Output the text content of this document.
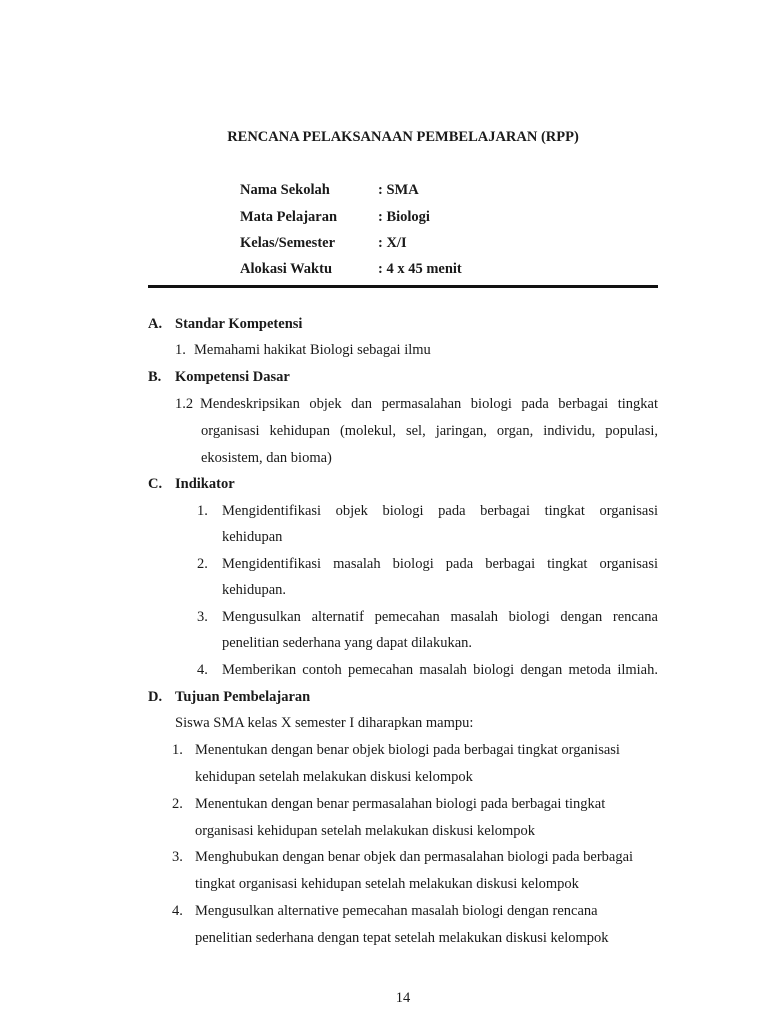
RENCANA PELAKSANAAN PEMBELAJARAN (RPP)
Nama Sekolah	: SMA
Mata Pelajaran	: Biologi
Kelas/Semester	: X/I
Alokasi Waktu	: 4 x 45 menit
A. Standar Kompetensi
1. Memahami hakikat Biologi sebagai ilmu
B. Kompetensi Dasar
1.2 Mendeskripsikan objek dan permasalahan biologi pada berbagai tingkat
organisasi kehidupan (molekul, sel, jaringan, organ, individu, populasi,
ekosistem, dan bioma)
C. Indikator
1. Mengidentifikasi objek biologi pada berbagai tingkat organisasi
kehidupan
2. Mengidentifikasi masalah biologi pada berbagai tingkat organisasi
kehidupan.
3. Mengusulkan alternatif pemecahan masalah biologi dengan rencana
penelitian sederhana yang dapat dilakukan.
4. Memberikan contoh pemecahan masalah biologi dengan metoda ilmiah.
D. Tujuan Pembelajaran
Siswa SMA kelas X semester I diharapkan mampu:
1. Menentukan dengan benar objek biologi pada berbagai tingkat organisasi
kehidupan setelah melakukan diskusi kelompok
2. Menentukan dengan benar permasalahan biologi pada berbagai tingkat
organisasi kehidupan setelah melakukan diskusi kelompok
3. Menghubukan dengan benar objek dan permasalahan biologi pada berbagai
tingkat organisasi kehidupan setelah melakukan diskusi kelompok
4. Mengusulkan alternative pemecahan masalah biologi dengan rencana
penelitian sederhana dengan tepat setelah melakukan diskusi kelompok
14
